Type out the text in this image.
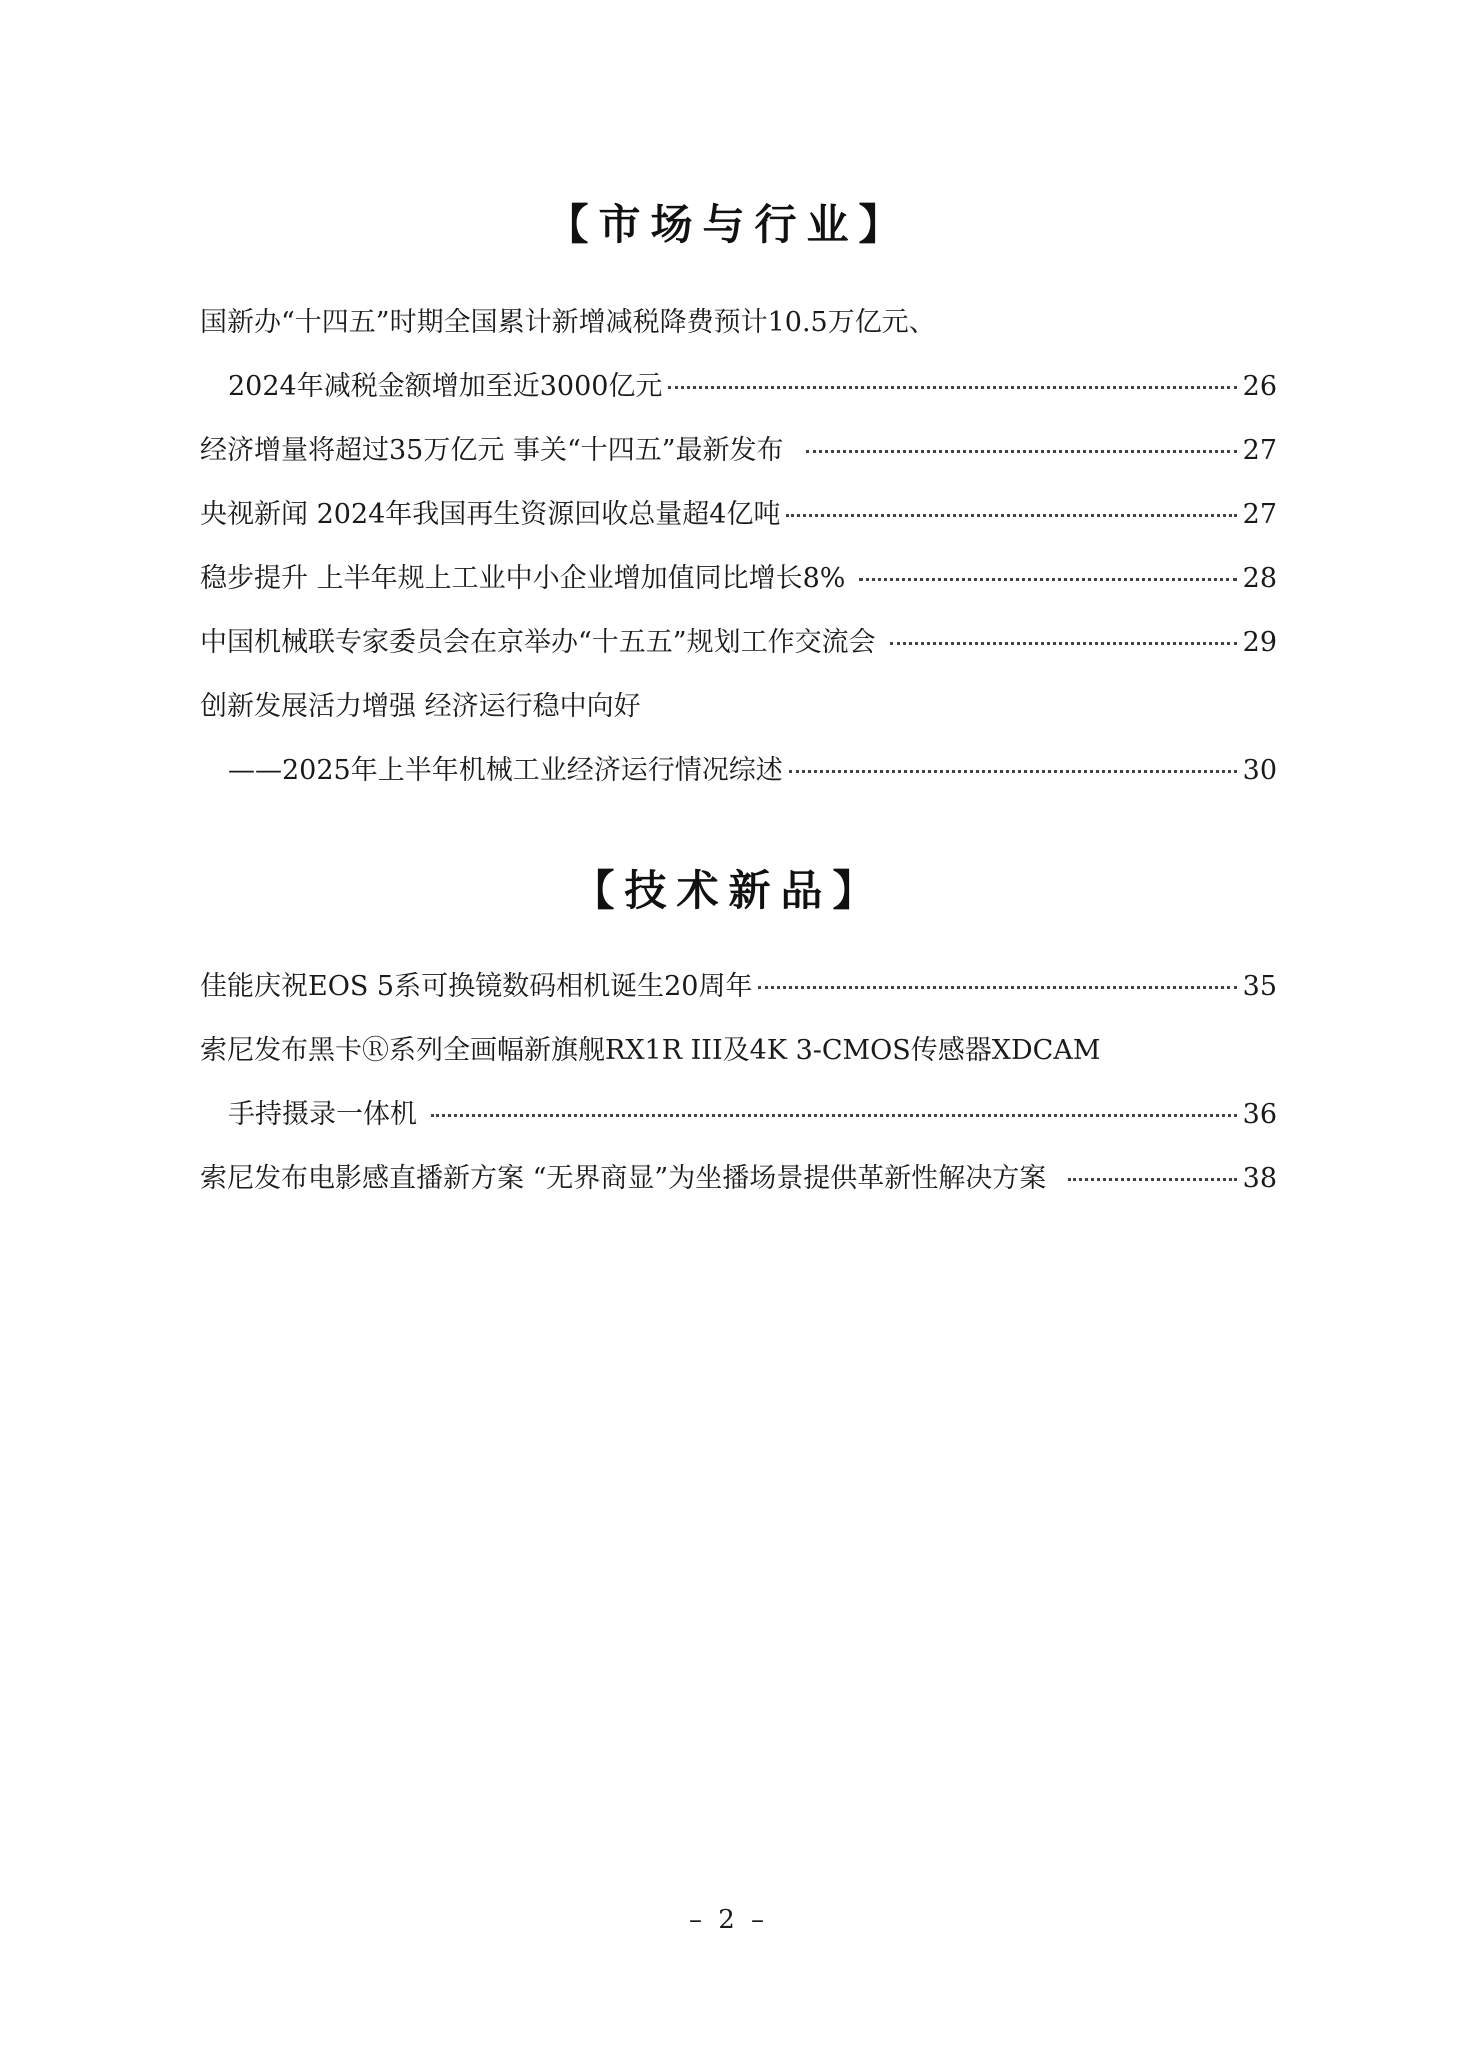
【市场与行业】
国新办“十四五”时期全国累计新增减税降费预计10.5万亿元、
2024年减税金额增加至近3000亿元	26
经济增量将超过35万亿元 事关“十四五”最新发布	27
央视新闻 2024年我国再生资源回收总量超4亿吨	27
稳步提升 上半年规上工业中小企业增加值同比增长8%	28
中国机械联专家委员会在京举办“十五五”规划工作交流会	29
创新发展活力增强 经济运行稳中向好
——2025年上半年机械工业经济运行情况综述	30
【技术新品】
佳能庆祝EOS 5系可换镜数码相机诞生20周年	35
索尼发布黑卡Ⓡ系列全画幅新旗舰RX1R III及4K 3-CMOS传感器XDCAM
手持摄录一体机	36
索尼发布电影感直播新方案 “无界商显”为坐播场景提供革新性解决方案	38
– 2 –
